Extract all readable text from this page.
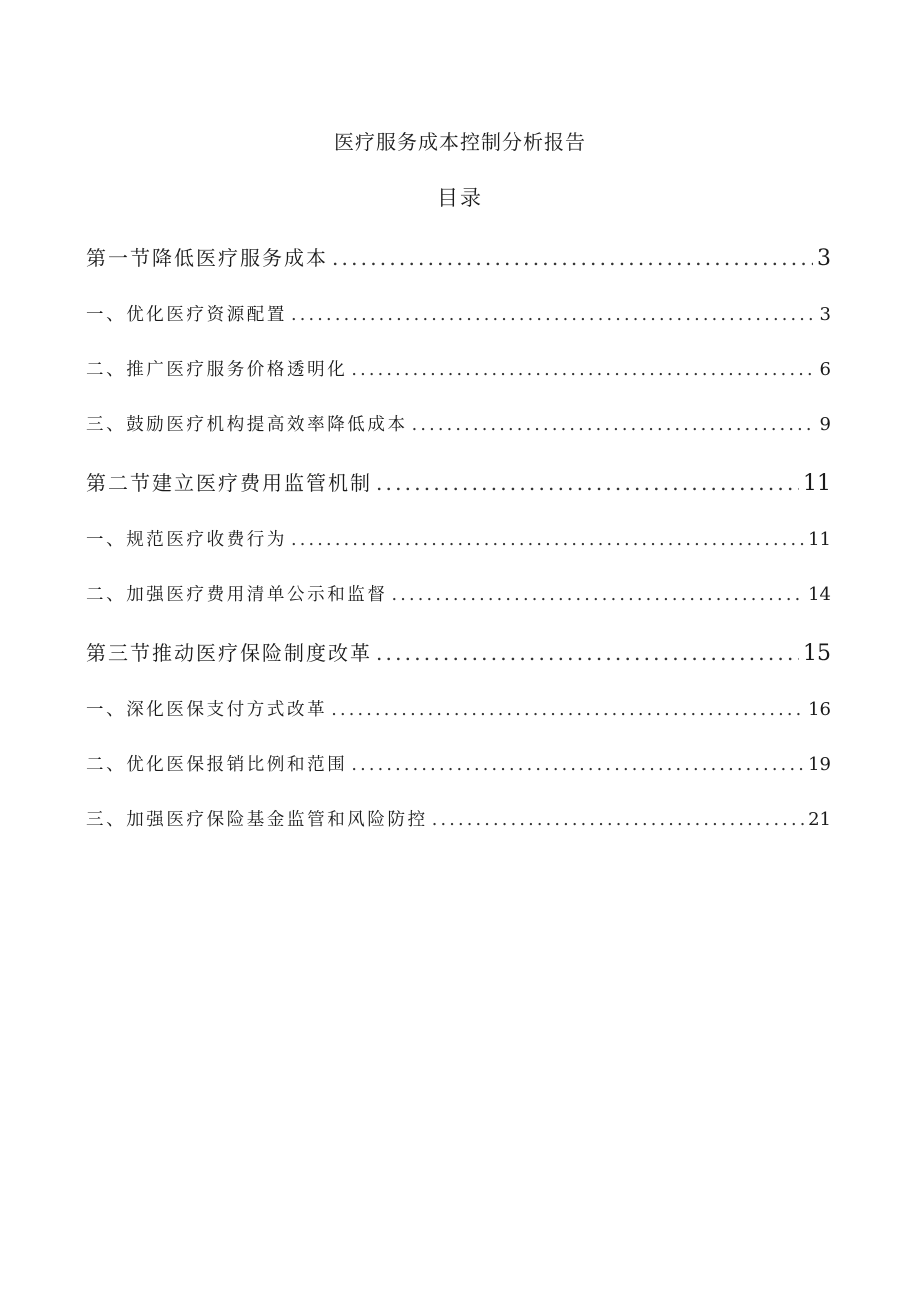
医疗服务成本控制分析报告
目录
第一节降低医疗服务成本 .....	3
一、优化医疗资源配置 .....	3
二、推广医疗服务价格透明化 .....	6
三、鼓励医疗机构提高效率降低成本 .....	9
第二节建立医疗费用监管机制 .....	11
一、规范医疗收费行为 .....	11
二、加强医疗费用清单公示和监督 .....	14
第三节推动医疗保险制度改革 .....	15
一、深化医保支付方式改革 .....	16
二、优化医保报销比例和范围 .....	19
三、加强医疗保险基金监管和风险防控 .....	21
